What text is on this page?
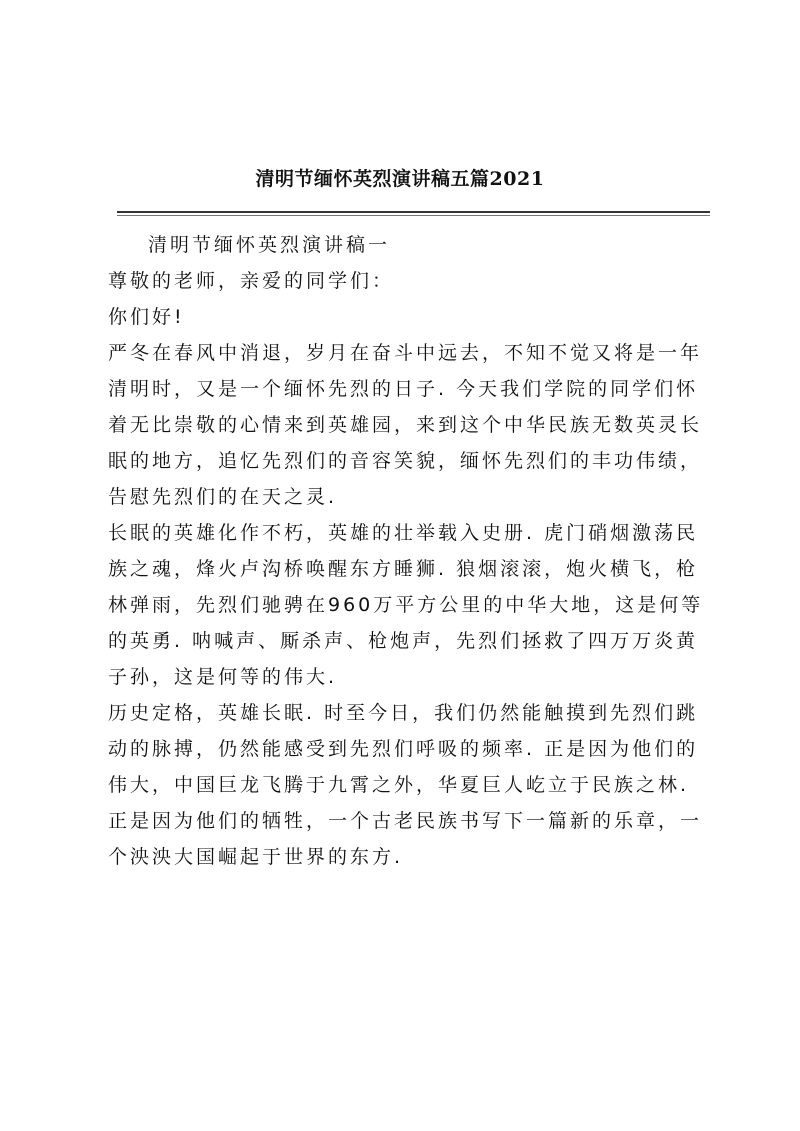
清明节缅怀英烈演讲稿五篇2021

清明节缅怀英烈演讲稿一

尊敬的老师，亲爱的同学们：

你们好!

严冬在春风中消退，岁月在奋斗中远去，不知不觉又将是一年清明时，又是一个缅怀先烈的日子. 今天我们学院的同学们怀着无比崇敬的心情来到英雄园，来到这个中华民族无数英灵长眠的地方，追忆先烈们的音容笑貌，缅怀先烈们的丰功伟绩，告慰先烈们的在天之灵.

长眠的英雄化作不朽，英雄的壮举载入史册. 虎门硝烟激荡民族之魂，烽火卢沟桥唤醒东方睡狮. 狼烟滚滚，炮火横飞，枪林弹雨，先烈们驰骋在960万平方公里的中华大地，这是何等的英勇. 呐喊声、厮杀声、枪炮声，先烈们拯救了四万万炎黄子孙，这是何等的伟大.

历史定格，英雄长眠. 时至今日，我们仍然能触摸到先烈们跳动的脉搏，仍然能感受到先烈们呼吸的频率. 正是因为他们的伟大，中国巨龙飞腾于九霄之外，华夏巨人屹立于民族之林. 正是因为他们的牺牲，一个古老民族书写下一篇新的乐章，一个泱泱大国崛起于世界的东方.
